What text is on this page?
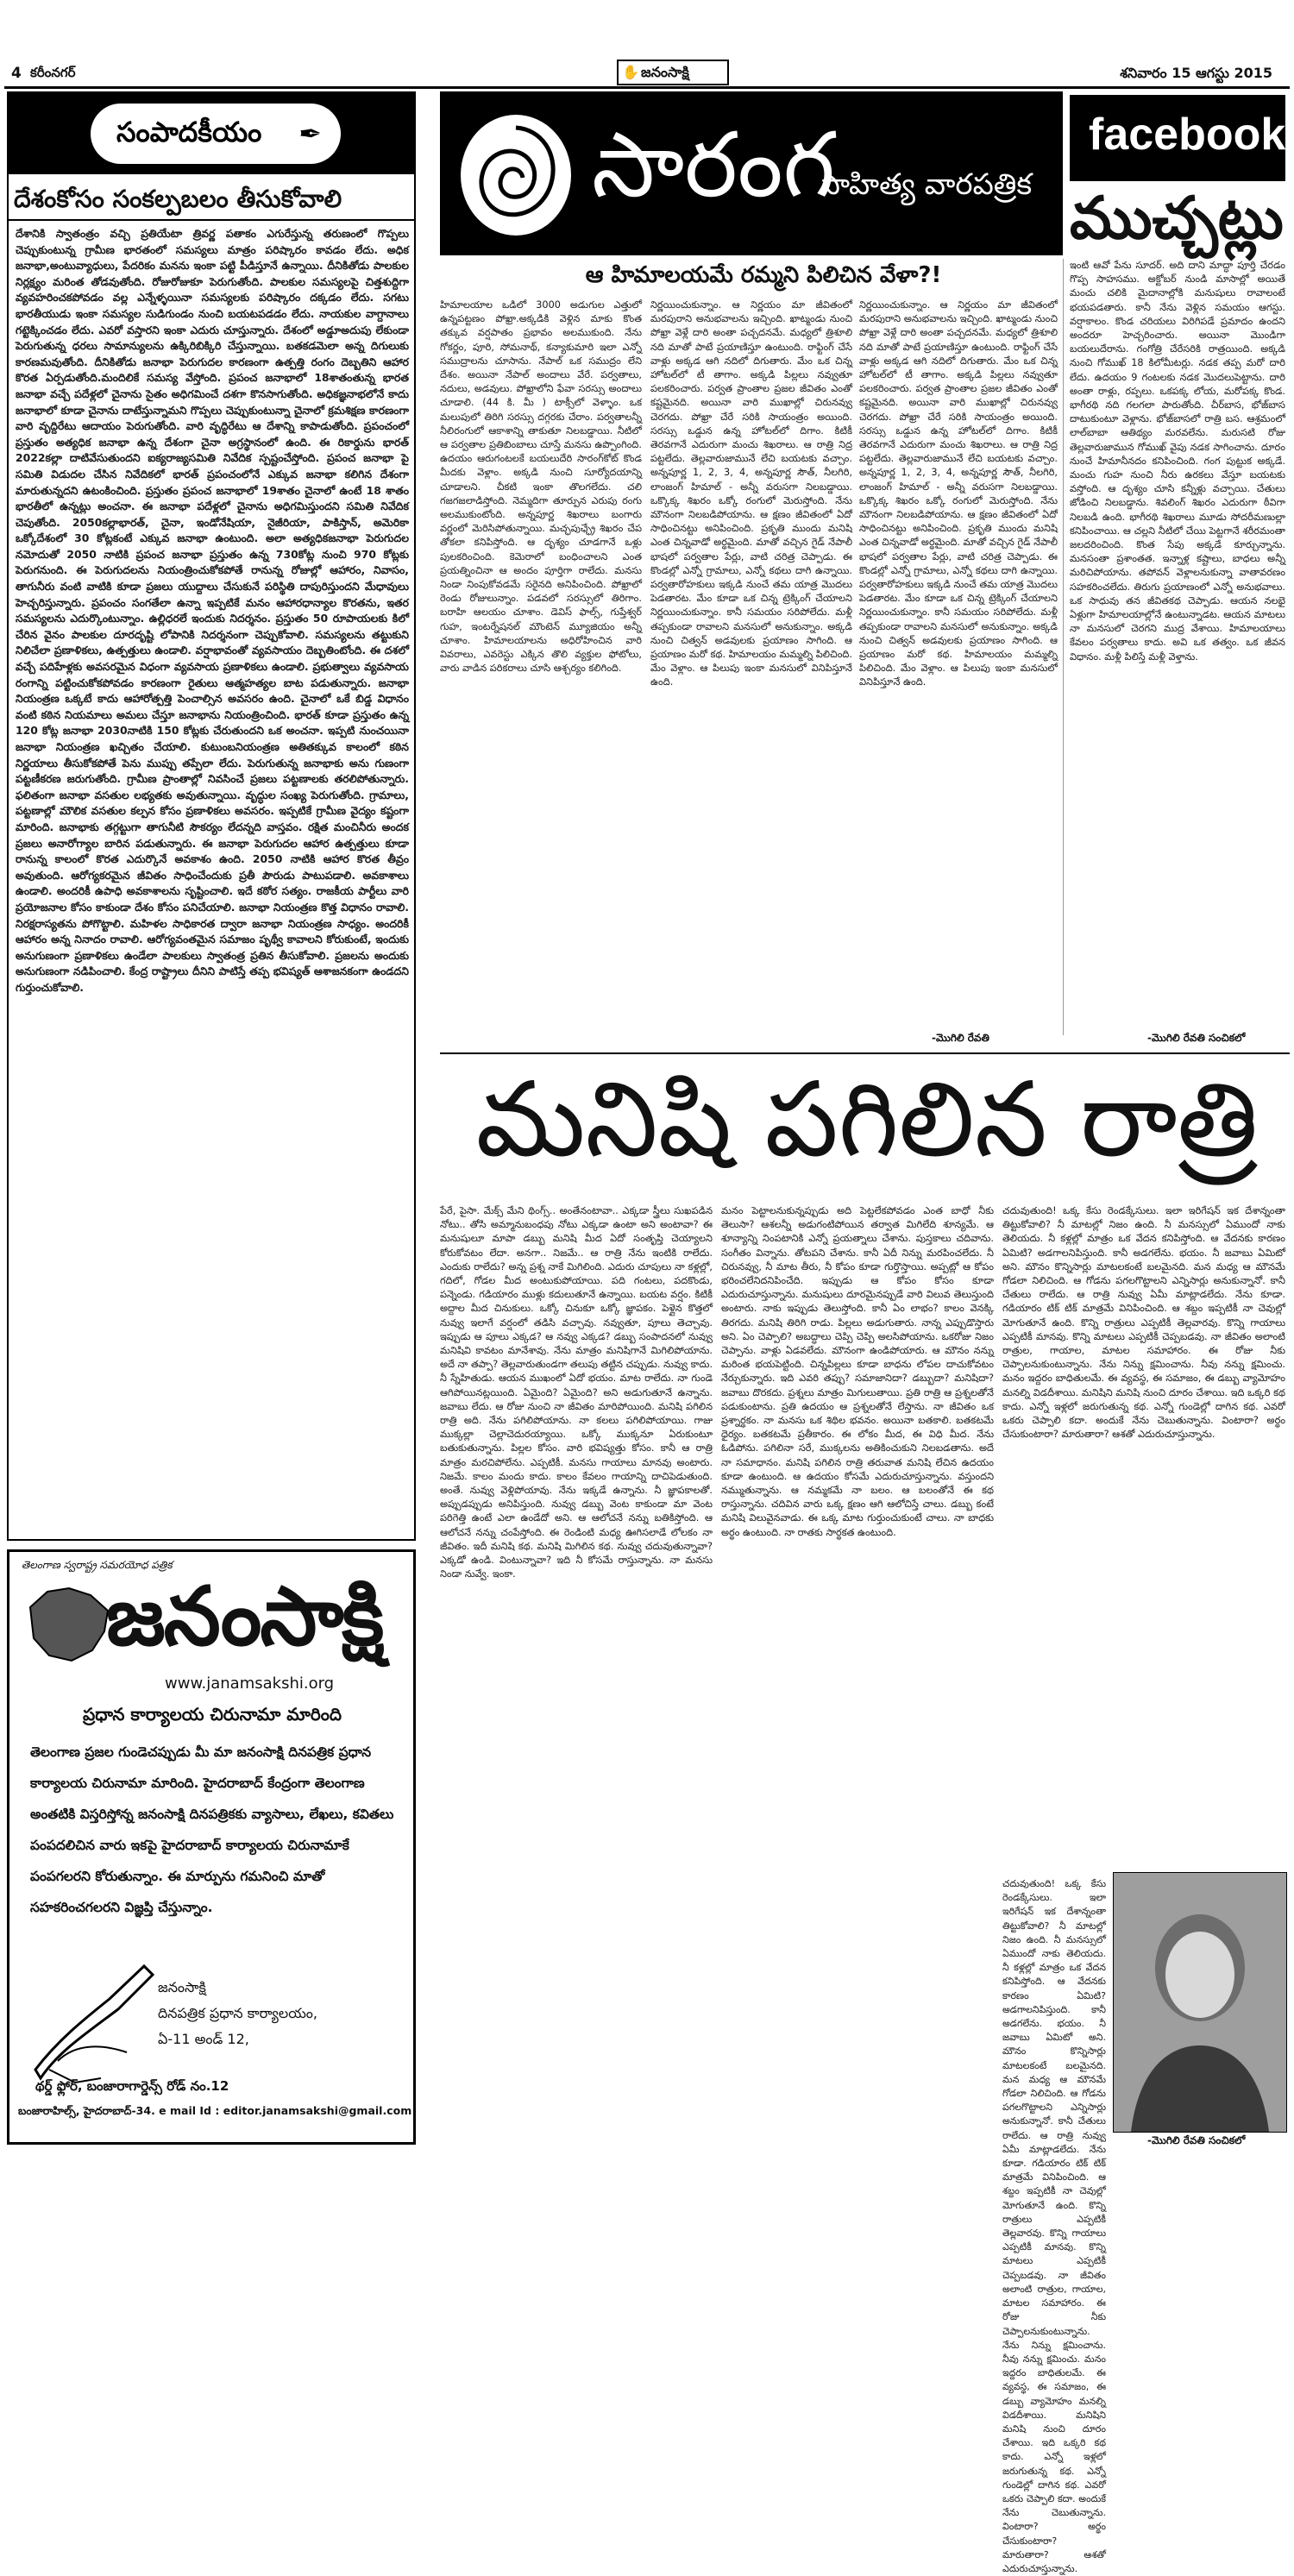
4 కరీంనగర్	✋ జనంసాక్షి	శనివారం 15 ఆగస్టు 2015
సంపాదకీయం ✒
దేశంకోసం సంకల్పబలం తీసుకోవాలి
దేశానికి స్వాతంత్రం వచ్చి ప్రతియేటా త్రివర్ణ పతాకం ఎగురేస్తున్న తరుణంలో గొప్పలు చెప్పుకుంటున్న గ్రామీణ భారతంలో సమస్యలు మాత్రం పరిష్కారం కావడం లేదు. అధిక జనాభా,అంటువ్యాధులు, పేదరికం మనను ఇంకా పట్టి పీడిస్తూనే ఉన్నాయి. దీనికితోడు పాలకుల నిర్లక్ష్యం మరింత తోడవుతోంది. రోజురోజుకూ పెరుగుతోంది. పాలకుల సమస్యలపై చిత్తశుద్దిగా వ్యవహరించకపోవడం వల్ల ఎన్నేళ్ళయినా సమస్యలకు పరిష్కారం దక్కడం లేదు. సగటు భారతీయుడు ఇంకా సమస్యల సుడిగుండం నుంచి బయటపడడం లేదు. నాయకుల వాగ్దానాలు గట్టెక్కించడం లేదు. ఎవరో వస్తారని ఇంకా ఎదురు చూస్తున్నారు. దేశంలో అడ్డూఅదుపు లేకుండా పెరుగుతున్న ధరలు సామాన్యులను ఉక్కిరిబిక్కిరి చేస్తున్నాయి. బతకడమెలా అన్న దిగులుకు కారణమవుతోంది. దీనికితోడు జనాభా పెరుగుదల కారణంగా ఉత్పత్తి రంగం దెబ్బతిని ఆహార కొరత ఏర్పడుతోంది.మందిలికే సమస్య వేస్తోంది. ప్రపంచ జనాభాలో 18శాతంతున్న భారత జనాభా వచ్చే పదేళ్లలో చైనాను సైతం అధిగమించే దశగా కొనసాగుతోంది. అధికజ్ఞనాభలోనే కాదు జనాభాలో కూడా చైనాను దాటేస్తున్నామని గొప్పలు చెప్పుకుంటున్నా చైనాలో క్రమశిక్షణ కారణంగా వారి వృద్దిరేటు ఆదాయం పెరుగుతోంది. వారి వృద్ధిరేటు ఆ దేశాన్ని కాపాడుతోంది. ప్రపంచంలో ప్రస్తుతం అత్యధిక జనాభా ఉన్న దేశంగా చైనా అగ్రస్థానంలో ఉంది. ఈ రికార్డును భారత్‌ 2022కల్లా దాటివేసుతుందని ఐక్యరాజ్యసమితి నివేదిక స్పష్టంచేస్తోంది. ప్రపంచ జనాభా పై సమితి విడుదల చేసిన నివేదికలో భారత్‌ ప్రపంచంలోనే ఎక్కువ జనాభా కలిగిన దేశంగా మారుతున్నదని ఉటంకించింది. ప్రస్తుతం ప్రపంచ జనాభాలో 19శాతం చైనాలో ఉంటే 18 శాతం భారతీలో ఉన్నట్లు అంచనా. ఈ జనాభా పదేళ్లలో చైనాను అధిగమిస్తుందని సమితి నివేదిక చెపుతోంది. 2050కల్లాభారత్‌, చైనా, ఇండోనేషియా, నైజీరియా, పాకిస్తాన్‌, అమెరికా ఒక్కోదేశంలో 30 కోట్లకంటే ఎక్కువ జనాభా ఉంటుంది. అలా అత్యధికజనాభా పెరుగుదల నమోదుతో 2050 నాటికి ప్రపంచ జనాభా ప్రస్తుతం ఉన్న 730కోట్ల నుంచి 970 కోట్లకు పెరుగనుంది. ఈ పెరుగుదలను నియంత్రించుకోకపోతే రానున్న రోజుల్లో ఆహారం, నివాసం, తాగునీరు వంటి వాటికి కూడా ప్రజలు యుద్దాలు చేసుకునే పరిస్థితి దాపురిస్తుందని మేధావులు హెచ్చరిస్తున్నారు. ప్రపంచం సంగతేలా ఉన్నా ఇప్పటికే మనం ఆహారధాన్యాల కొరతను, ఇతర సమస్యలను ఎదుర్కొంటున్నాం. ఉల్లిధరలే ఇందుకు నిదర్శనం. ప్రస్తుతం 50 రూపాయలకు కిలో చేరిన వైనం పాలకుల దూరదృష్టి లోపానికి నిదర్శనంగా చెప్పుకోవాలి. సమస్యలను తట్టుకుని నిలిచేలా ప్రణాళికలు, ఉత్పత్తులు ఉండాలి. వర్షాభావంతో వ్యవసాయం దెబ్బతింటోంది. ఈ దశలో వచ్చే పదిహేళ్లకు అవసరమైన విధంగా వ్యవసాయ ప్రణాళికలు ఉండాలి. ప్రభుత్వాలు వ్యవసాయ రంగాన్ని పట్టించుకోకపోవడం కారణంగా రైతులు ఆత్మహత్యల బాట పడుతున్నారు. జనాభా నియంత్రణ ఒక్కటే కాదు ఆహారోత్పత్తి పెంచాల్సిన అవసరం ఉంది. చైనాలో ఒకే బిడ్డ విధానం వంటి కఠిన నియమాలు అమలు చేస్తూ జనాభాను నియంత్రించింది. భారత్‌ కూడా ప్రస్తుతం ఉన్న 120 కోట్ల జనాభా 2030నాటికి 150 కోట్లకు చేరుతుందని ఒక అంచనా. ఇప్పటి నుంచయినా జనాభా నియంత్రణ ఖచ్చితం చేయాలి. కుటుంబనియంత్రణ అతితక్కువ కాలంలో కఠిన నిర్ణయాలు తీసుకోకపోతే పెను ముప్పు తప్పేలా లేదు. పెరుగుతున్న జనాభాకు అను గుణంగా పట్టణీకరణ జరుగుతోంది. గ్రామీణ ప్రాంతాల్లో నివసించే ప్రజలు పట్టణాలకు తరలిపోతున్నారు. ఫలితంగా జనాభా వసతుల లభ్యతకు అవుతున్నాయి. వృద్ధుల సంఖ్య పెరుగుతోంది. గ్రామాలు, పట్టణాల్లో మౌలిక వసతుల కల్పన కోసం ప్రణాళికలు అవసరం. ఇప్పటికే గ్రామీణ వైద్యం కష్టంగా మారింది. జనాభాకు తగ్గట్టుగా తాగునీటి సౌకర్యం లేదన్నది వాస్తవం. రక్షిత మంచినీరు అందక ప్రజలు అనారోగ్యాల బారిన పడుతున్నారు. ఈ జనాభా పెరుగుదల ఆహార ఉత్పత్తులు కూడా రానున్న కాలంలో కొరత ఎదుర్కొనే అవకాశం ఉంది. 2050 నాటికి ఆహార కొరత తీవ్రం అవుతుంది. ఆరోగ్యకరమైన జీవితం సాధించేందుకు ప్రతీ పౌరుడు పాటుపడాలి. అవకాశాలు ఉండాలి. అందరికీ ఉపాధి అవకాశాలను సృష్టించాలి. ఇదే కఠోర సత్యం. రాజకీయ పార్టీలు వారి ప్రయోజనాల కోసం కాకుండా దేశం కోసం పనిచేయాలి. జనాభా నియంత్రణ కొత్త విధానం రావాలి. నిరక్షరాస్యతను పోగొట్టాలి. మహిళల సాధికారత ద్వారా జనాభా నియంత్రణ సాధ్యం. అందరికీ ఆహారం అన్న నినాదం రావాలి. ఆరోగ్యవంతమైన సమాజం పృథ్వీ కావాలని కోరుకుంటే, ఇందుకు అనుగుణంగా ప్రణాళికలు ఉండేలా పాలకులు స్వాతంత్ర ప్రతిన తీసుకోవాలి. ప్రజలను అందుకు అనుగుణంగా నడిపించాలి. కేంద్ర రాష్ట్రాలు దీనిని పాటిస్తే తప్ప భవిష్యత్‌ ఆశాజనకంగా ఉండదని గుర్తుంచుకోవాలి.
తెలంగాణ స్వరాష్ట్ర సమరయోధ పత్రిక
జనంసాక్షి
www.janamsakshi.org
ప్రధాన కార్యాలయ చిరునామా మారింది
తెలంగాణ ప్రజల గుండెచప్పుడు మీ మా జనంసాక్షి దినపత్రిక ప్రధాన కార్యాలయ చిరునామా మారింది. హైదరాబాద్‌ కేంద్రంగా తెలంగాణ అంతటికి విస్తరిస్తోన్న జనంసాక్షి దినపత్రికకు వ్యాసాలు, లేఖలు, కవితలు పంపదలిచిన వారు ఇకపై హైదరాబాద్‌ కార్యాలయ చిరునామాకే పంపగలరని కోరుతున్నాం. ఈ మార్పును గమనించి మాతో సహకరించగలరని విజ్ఞప్తి చేస్తున్నాం.
జనంసాక్షి
దినపత్రిక ప్రధాన కార్యాలయం,
ఏ-11 అండ్‌ 12,
థర్డ్‌ ఫ్లోర్‌, బంజారాగార్డెన్స్‌ రోడ్‌ నం.12
బంజారాహిల్స్‌, హైదరాబాద్‌-34. e mail Id : editor.janamsakshi@gmail.com
సారంగ
సాహిత్య వారపత్రిక
facebook
ముచ్చట్లు
ఆ హిమాలయమే రమ్మని పిలిచిన వేళా?!
హిమాలయాల ఒడిలో 3000 అడుగుల ఎత్తులో ఉన్నపట్టణం పోఖ్రా.అక్కడికి వెళ్లిన మాకు కొంత తక్కువ వర్షపాతం ప్రభావం అలముకుంది. నేను గోకర్ణం, పూరి, సోమనాథ్‌, కన్యాకుమారి ఇలా ఎన్నో సముద్రాలను చూసాను. నేపాల్‌ ఒక సముద్రం లేని దేశం. అయినా నేపాల్‌ అందాలు వేరే. పర్వతాలు, నదులు, అడవులు. పోఖ్రాలోని ఫేవా సరస్సు అందాలు చూడాలి. (44 కి. మీ ) టాక్సీలో వెళ్ళాం. ఒక మలుపులో తిరిగి సరస్సు దగ్గరకు చేరాం. పర్వతాలన్నీ నీలిరంగులో ఆకాశాన్ని తాకుతూ నిలబడ్డాయి. నీటిలో ఆ పర్వతాల ప్రతిబింబాలు చూస్తే మనసు ఉప్పొంగింది. ఉదయం ఆరుగంటలకే బయలుదేరి సారంగ్‌కోట్‌ కొండ మీదకు వెళ్లాం. అక్కడి నుంచి సూర్యోదయాన్ని చూడాలని. చీకటి ఇంకా తొలగలేదు. చలి గజగజలాడిస్తోంది. నెమ్మదిగా తూర్పున ఎరుపు రంగు అలముకుంటోంది. అన్నపూర్ణ శిఖరాలు బంగారు వర్ణంలో మెరిసిపోతున్నాయి. మచ్ఛపుఛ్ఛ్రే శిఖరం చేప తోకలా కనిపిస్తోంది. ఆ దృశ్యం చూడగానే ఒళ్లు పులకరించింది. కెమెరాలో బంధించాలని ఎంత ప్రయత్నించినా ఆ అందం పూర్తిగా రాలేదు. మనసు నిండా నింపుకోవడమే సరైనది అనిపించింది. పోఖ్రాలో రెండు రోజులున్నాం. పడవలో సరస్సులో తిరిగాం. బరాహి ఆలయం చూశాం. డెవిస్‌ ఫాల్స్‌, గుప్తేశ్వర్‌ గుహ, ఇంటర్నేషనల్‌ మౌంటెన్‌ మ్యూజియం అన్నీ చూశాం. హిమాలయాలను అధిరోహించిన వారి వివరాలు, ఎవరెస్టు ఎక్కిన తొలి వ్యక్తుల ఫోటోలు, వారు వాడిన పరికరాలు చూసి ఆశ్చర్యం కలిగింది.
నిర్ణయించుకున్నాం. ఆ నిర్ణయం మా జీవితంలో మరపురాని అనుభవాలను ఇచ్చింది. ఖాట్మండు నుంచి పోఖ్రా వెళ్లే దారి అంతా పచ్చదనమే. మధ్యలో త్రిశూలి నది మాతో పాటే ప్రయాణిస్తూ ఉంటుంది. రాఫ్టింగ్‌ చేసే వాళ్లు అక్కడ ఆగి నదిలో దిగుతారు. మేం ఒక చిన్న హోటల్‌లో టీ తాగాం. అక్కడి పిల్లలు నవ్వుతూ పలకరించారు. పర్వత ప్రాంతాల ప్రజల జీవితం ఎంతో కష్టమైనది. అయినా వారి ముఖాల్లో చిరునవ్వు చెరగదు. పోఖ్రా చేరే సరికి సాయంత్రం అయింది. సరస్సు ఒడ్డున ఉన్న హోటల్‌లో దిగాం. కిటికీ తెరవగానే ఎదురుగా మంచు శిఖరాలు. ఆ రాత్రి నిద్ర పట్టలేదు. తెల్లవారుజామునే లేచి బయటకు వచ్చాం. అన్నపూర్ణ 1, 2, 3, 4, అన్నపూర్ణ సౌత్‌, నీలగిరి, లాంజంగ్‌ హిమాల్‌ - అన్నీ వరుసగా నిలబడ్డాయి. ఒక్కొక్క శిఖరం ఒక్కో రంగులో మెరుస్తోంది. నేను మౌనంగా నిలబడిపోయాను. ఆ క్షణం జీవితంలో ఏదో సాధించినట్టు అనిపించింది. ప్రకృతి ముందు మనిషి ఎంత చిన్నవాడో అర్థమైంది. మాతో వచ్చిన గైడ్‌ నేపాలీ భాషలో పర్వతాల పేర్లు, వాటి చరిత్ర చెప్పాడు. ఈ కొండల్లో ఎన్నో గ్రామాలు, ఎన్నో కథలు దాగి ఉన్నాయి. పర్వతారోహకులు ఇక్కడి నుంచే తమ యాత్ర మొదలు పెడతారట. మేం కూడా ఒక చిన్న ట్రెక్కింగ్‌ చేయాలని నిర్ణయించుకున్నాం. కానీ సమయం సరిపోలేదు. మళ్లీ తప్పకుండా రావాలని మనసులో అనుకున్నాం. అక్కడి నుంచి చిత్వన్‌ అడవులకు ప్రయాణం సాగింది. ఆ ప్రయాణం మరో కథ. హిమాలయం మమ్మల్ని పిలిచింది. మేం వెళ్లాం. ఆ పిలుపు ఇంకా మనసులో వినిపిస్తూనే ఉంది.
ఇంటి ఆవో పేను సూదర్‌. అది దాని మాద్ధా పూర్తి చేరడం గొప్ప సాహసము. అక్టోబర్‌ నుండి మాసాల్లో అయితే మంచు చలికి మైదానాల్లోకి మనుషులు రావాలంటే భయపడతారు. కానీ నేను వెళ్లిన సమయం ఆగస్టు. వర్షాకాలం. కొండ చరియలు విరిగిపడే ప్రమాదం ఉందని అందరూ హెచ్చరించారు. అయినా మొండిగా బయలుదేరాను. గంగోత్రి చేరేసరికి రాత్రయింది. అక్కడి నుంచి గోముఖ్‌ 18 కిలోమీటర్లు. నడక తప్ప మరో దారి లేదు. ఉదయం 9 గంటలకు నడక మొదలుపెట్టాను. దారి అంతా రాళ్లు, రప్పలు. ఒకపక్క లోయ, మరోపక్క కొండ. భాగీరథి నది గలగలా పారుతోంది. చీర్‌బాస, భోజ్‌బాస దాటుకుంటూ వెళ్లాను. భోజ్‌బాసలో రాత్రి బస. ఆశ్రమంలో లాల్‌బాబా ఆతిథ్యం మరవలేను. మరుసటి రోజు తెల్లవారుజామున గోముఖ్‌ వైపు నడక సాగించాను. దూరం నుంచే హిమానీనదం కనిపించింది. గంగ పుట్టుక అక్కడే. మంచు గుహ నుంచి నీరు ఉరకలు వేస్తూ బయటకు వస్తోంది. ఆ దృశ్యం చూసి కన్నీళ్లు వచ్చాయి. చేతులు జోడించి నిలబడ్డాను. శివలింగ్‌ శిఖరం ఎదురుగా ఠీవిగా నిలబడి ఉంది. భాగీరథి శిఖరాలు మూడు సోదరీమణుల్లా కనిపించాయి. ఆ చల్లని నీటిలో చేయి పెట్టగానే శరీరమంతా జలదరించింది. కొంత సేపు అక్కడే కూర్చున్నాను. మనసంతా ప్రశాంతత. ఇన్నాళ్ల కష్టాలు, బాధలు అన్నీ మరిచిపోయాను. తపోవన్‌ వెళ్లాలనుకున్నా వాతావరణం సహకరించలేదు. తిరుగు ప్రయాణంలో ఎన్నో అనుభవాలు. ఒక సాధువు తన జీవితకథ చెప్పాడు. ఆయన నలభై ఏళ్లుగా హిమాలయాల్లోనే ఉంటున్నాడట. ఆయన మాటలు నా మనసులో చెరగని ముద్ర వేశాయి. హిమాలయాలు కేవలం పర్వతాలు కాదు. అవి ఒక తత్వం. ఒక జీవన విధానం. మళ్లీ పిలిస్తే మళ్లీ వెళ్తాను.
నిర్ణయించుకున్నాం. ఆ నిర్ణయం మా జీవితంలో మరపురాని అనుభవాలను ఇచ్చింది. ఖాట్మండు నుంచి పోఖ్రా వెళ్లే దారి అంతా పచ్చదనమే. మధ్యలో త్రిశూలి నది మాతో పాటే ప్రయాణిస్తూ ఉంటుంది. రాఫ్టింగ్‌ చేసే వాళ్లు అక్కడ ఆగి నదిలో దిగుతారు. మేం ఒక చిన్న హోటల్‌లో టీ తాగాం. అక్కడి పిల్లలు నవ్వుతూ పలకరించారు. పర్వత ప్రాంతాల ప్రజల జీవితం ఎంతో కష్టమైనది. అయినా వారి ముఖాల్లో చిరునవ్వు చెరగదు. పోఖ్రా చేరే సరికి సాయంత్రం అయింది. సరస్సు ఒడ్డున ఉన్న హోటల్‌లో దిగాం. కిటికీ తెరవగానే ఎదురుగా మంచు శిఖరాలు. ఆ రాత్రి నిద్ర పట్టలేదు. తెల్లవారుజామునే లేచి బయటకు వచ్చాం. అన్నపూర్ణ 1, 2, 3, 4, అన్నపూర్ణ సౌత్‌, నీలగిరి, లాంజంగ్‌ హిమాల్‌ - అన్నీ వరుసగా నిలబడ్డాయి. ఒక్కొక్క శిఖరం ఒక్కో రంగులో మెరుస్తోంది. నేను మౌనంగా నిలబడిపోయాను. ఆ క్షణం జీవితంలో ఏదో సాధించినట్టు అనిపించింది. ప్రకృతి ముందు మనిషి ఎంత చిన్నవాడో అర్థమైంది. మాతో వచ్చిన గైడ్‌ నేపాలీ భాషలో పర్వతాల పేర్లు, వాటి చరిత్ర చెప్పాడు. ఈ కొండల్లో ఎన్నో గ్రామాలు, ఎన్నో కథలు దాగి ఉన్నాయి. పర్వతారోహకులు ఇక్కడి నుంచే తమ యాత్ర మొదలు పెడతారట. మేం కూడా ఒక చిన్న ట్రెక్కింగ్‌ చేయాలని నిర్ణయించుకున్నాం. కానీ సమయం సరిపోలేదు. మళ్లీ తప్పకుండా రావాలని మనసులో అనుకున్నాం. అక్కడి నుంచి చిత్వన్‌ అడవులకు ప్రయాణం సాగింది. ఆ ప్రయాణం మరో కథ. హిమాలయం మమ్మల్ని పిలిచింది. మేం వెళ్లాం. ఆ పిలుపు ఇంకా మనసులో వినిపిస్తూనే ఉంది.
-మొగిలి రేవతి	-మొగిలి రేవతి సంచికలో
మనిషి పగిలిన రాత్రి
పేరే, పైసా. మేక్స్‌ మేని థింగ్స్‌.. అంతేనంటావా.. ఎక్కడా స్త్రీలు సుఖపడిన నోటు.. తోసి అమ్మానుబంధపు నోటు ఎక్కడా ఉంటా అని అంటావా? ఈ మనుషులూ మాపా డబ్బు మనిషి మీద ఏదో సంతృప్తి చెయ్యాలని కోరుకోవటం లేదా. అనగా.. నిజమే.. ఆ రాత్రి నేను ఇంటికి రాలేదు. ఎందుకు రాలేదు? అన్న ప్రశ్న నాకే మిగిలింది. ఎదురు చూపులు నా కళ్లల్లో, గదిలో, గోడల మీద అంటుకుపోయాయి. పది గంటలు, పదకొండు, పన్నెండు. గడియారం ముళ్లు కదులుతూనే ఉన్నాయి. బయట వర్షం. కిటికీ అద్దాల మీద చినుకులు. ఒక్కో చినుకూ ఒక్కో జ్ఞాపకం. పెళ్లైన కొత్తలో నువ్వు ఇలాగే వర్షంలో తడిసి వచ్చావు. నవ్వుతూ, పూలు తెచ్చావు. ఇప్పుడు ఆ పూలు ఎక్కడ? ఆ నవ్వు ఎక్కడ? డబ్బు సంపాదనలో నువ్వు మనిషివి కావటం మానేశావు. నేను మాత్రం మనిషిగానే మిగిలిపోయాను. అదే నా తప్పా? తెల్లవారుతుండగా తలుపు తట్టిన చప్పుడు. నువ్వు కాదు. నీ స్నేహితుడు. ఆయన ముఖంలో ఏదో భయం. మాట రాలేదు. నా గుండె ఆగిపోయినట్లయింది. ఏమైంది? ఏమైంది? అని అడుగుతూనే ఉన్నాను. జవాబు లేదు. ఆ రోజు నుంచి నా జీవితం మారిపోయింది. మనిషి పగిలిన రాత్రి అది. నేను పగిలిపోయాను. నా కలలు పగిలిపోయాయి. గాజు ముక్కల్లా చెల్లాచెదురయ్యాయి. ఒక్కో ముక్కనూ ఏరుకుంటూ బతుకుతున్నాను. పిల్లల కోసం. వారి భవిష్యత్తు కోసం. కానీ ఆ రాత్రి మాత్రం మరచిపోలేను. ఎప్పటికీ. మనసు గాయాలు మానవు అంటారు. నిజమే. కాలం మందు కాదు. కాలం కేవలం గాయాన్ని దాచిపెడుతుంది. అంతే. నువ్వు వెళ్లిపోయావు. నేను ఇక్కడే ఉన్నాను. నీ జ్ఞాపకాలతో. అప్పుడప్పుడు అనిపిస్తుంది. నువ్వు డబ్బు వెంట కాకుండా మా వెంట పరిగెత్తి ఉంటే ఎలా ఉండేదో అని. ఆ ఆలోచనే నన్ను బతికిస్తోంది. ఆ ఆలోచనే నన్ను చంపేస్తోంది. ఈ రెండింటి మధ్య ఊగిసలాడే లోలకం నా జీవితం. ఇదీ మనిషి కథ. మనిషి మిగిలిన కథ. నువ్వు చదువుతున్నావా? ఎక్కడో ఉండి. వింటున్నావా? ఇది నీ కోసమే రాస్తున్నాను. నా మనసు నిండా నువ్వే. ఇంకా.
మనం పెట్టాలనుకున్నప్పుడు అది పెట్టలేకపోవడం ఎంత బాధో నీకు తెలుసా? ఆశలన్నీ అడుగంటిపోయిన తర్వాత మిగిలేది శూన్యమే. ఆ శూన్యాన్ని నింపటానికి ఎన్నో ప్రయత్నాలు చేశాను. పుస్తకాలు చదివాను. సంగీతం విన్నాను. తోటపని చేశాను. కానీ ఏదీ నిన్ను మరపించలేదు. నీ చిరునవ్వు, నీ మాట తీరు, నీ కోపం కూడా గుర్తొస్తాయి. అప్పట్లో ఆ కోపం భరించలేనిదనిపించేది. ఇప్పుడు ఆ కోపం కోసం కూడా ఎదురుచూస్తున్నాను. మనుషులు దూరమైనప్పుడే వారి విలువ తెలుస్తుంది అంటారు. నాకు ఇప్పుడు తెలుస్తోంది. కానీ ఏం లాభం? కాలం వెనక్కి తిరగదు. మనిషి తిరిగి రాడు. పిల్లలు అడుగుతారు. నాన్న ఎప్పుడొస్తారు అని. ఏం చెప్పాలి? అబద్ధాలు చెప్పి చెప్పి అలసిపోయాను. ఒకరోజు నిజం చెప్పాను. వాళ్లు ఏడవలేదు. మౌనంగా ఉండిపోయారు. ఆ మౌనం నన్ను మరింత భయపెట్టింది. చిన్నపిల్లలు కూడా బాధను లోపల దాచుకోవటం నేర్చుకున్నారు. ఇది ఎవరి తప్పు? సమాజానిదా? డబ్బుదా? మనిషిదా? జవాబు దొరకదు. ప్రశ్నలు మాత్రం మిగులుతాయి. ప్రతి రాత్రి ఆ ప్రశ్నలతోనే పడుకుంటాను. ప్రతి ఉదయం ఆ ప్రశ్నలతోనే లేస్తాను. నా జీవితం ఒక ప్రశ్నార్థకం. నా మనసు ఒక శిథిల భవనం. అయినా బతకాలి. బతకటమే ధైర్యం. బతకటమే ప్రతీకారం. ఈ లోకం మీద, ఈ విధి మీద. నేను ఓడిపోను. పగిలినా సరే, ముక్కలను అతికించుకుని నిలబడతాను. అదే నా సమాధానం. మనిషి పగిలిన రాత్రి తరువాత మనిషి లేచిన ఉదయం కూడా ఉంటుంది. ఆ ఉదయం కోసమే ఎదురుచూస్తున్నాను. వస్తుందని నమ్ముతున్నాను. ఆ నమ్మకమే నా బలం. ఆ బలంతోనే ఈ కథ రాస్తున్నాను. చదివిన వారు ఒక్క క్షణం ఆగి ఆలోచిస్తే చాలు. డబ్బు కంటే మనిషి విలువైనవాడు. ఈ ఒక్క మాట గుర్తుంచుకుంటే చాలు. నా బాధకు అర్థం ఉంటుంది. నా రాతకు సార్థకత ఉంటుంది.
చదువుతుంది! ఒక్క కేసు రెండక్కేసులు. ఇలా ఇరిగేషన్‌ ఇక దేశాన్నంతా తిట్టుకోవాలి? నీ మాటల్లో నిజం ఉంది. నీ మనస్సులో ఏముందో నాకు తెలియదు. నీ కళ్లల్లో మాత్రం ఒక వేదన కనిపిస్తోంది. ఆ వేదనకు కారణం ఏమిటి? అడగాలనిపిస్తుంది. కానీ అడగలేను. భయం. నీ జవాబు ఏమిటో అని. మౌనం కొన్నిసార్లు మాటలకంటే బలమైనది. మన మధ్య ఆ మౌనమే గోడలా నిలిచింది. ఆ గోడను పగలగొట్టాలని ఎన్నిసార్లు అనుకున్నానో. కానీ చేతులు రాలేదు. ఆ రాత్రి నువ్వు ఏమీ మాట్లాడలేదు. నేను కూడా. గడియారం టిక్‌ టిక్‌ మాత్రమే వినిపించింది. ఆ శబ్దం ఇప్పటికీ నా చెవుల్లో మోగుతూనే ఉంది. కొన్ని రాత్రులు ఎప్పటికీ తెల్లవారవు. కొన్ని గాయాలు ఎప్పటికీ మానవు. కొన్ని మాటలు ఎప్పటికీ చెప్పబడవు. నా జీవితం అలాంటి రాత్రుల, గాయాల, మాటల సమాహారం. ఈ రోజు నీకు చెప్పాలనుకుంటున్నాను. నేను నిన్ను క్షమించాను. నీవు నన్ను క్షమించు. మనం ఇద్దరం బాధితులమే. ఈ వ్యవస్థ, ఈ సమాజం, ఈ డబ్బు వ్యామోహం మనల్ని విడదీశాయి. మనిషిని మనిషి నుంచి దూరం చేశాయి. ఇది ఒక్కరి కథ కాదు. ఎన్నో ఇళ్లలో జరుగుతున్న కథ. ఎన్నో గుండెల్లో దాగిన కథ. ఎవరో ఒకరు చెప్పాలి కదా. అందుకే నేను చెబుతున్నాను. వింటారా? అర్థం చేసుకుంటారా? మారుతారా? ఆశతో ఎదురుచూస్తున్నాను.
చదువుతుంది! ఒక్క కేసు రెండక్కేసులు. ఇలా ఇరిగేషన్‌ ఇక దేశాన్నంతా తిట్టుకోవాలి? నీ మాటల్లో నిజం ఉంది. నీ మనస్సులో ఏముందో నాకు తెలియదు. నీ కళ్లల్లో మాత్రం ఒక వేదన కనిపిస్తోంది. ఆ వేదనకు కారణం ఏమిటి? అడగాలనిపిస్తుంది. కానీ అడగలేను. భయం. నీ జవాబు ఏమిటో అని. మౌనం కొన్నిసార్లు మాటలకంటే బలమైనది. మన మధ్య ఆ మౌనమే గోడలా నిలిచింది. ఆ గోడను పగలగొట్టాలని ఎన్నిసార్లు అనుకున్నానో. కానీ చేతులు రాలేదు. ఆ రాత్రి నువ్వు ఏమీ మాట్లాడలేదు. నేను కూడా. గడియారం టిక్‌ టిక్‌ మాత్రమే వినిపించింది. ఆ శబ్దం ఇప్పటికీ నా చెవుల్లో మోగుతూనే ఉంది. కొన్ని రాత్రులు ఎప్పటికీ తెల్లవారవు. కొన్ని గాయాలు ఎప్పటికీ మానవు. కొన్ని మాటలు ఎప్పటికీ చెప్పబడవు. నా జీవితం అలాంటి రాత్రుల, గాయాల, మాటల సమాహారం. ఈ రోజు నీకు చెప్పాలనుకుంటున్నాను. నేను నిన్ను క్షమించాను. నీవు నన్ను క్షమించు. మనం ఇద్దరం బాధితులమే. ఈ వ్యవస్థ, ఈ సమాజం, ఈ డబ్బు వ్యామోహం మనల్ని విడదీశాయి. మనిషిని మనిషి నుంచి దూరం చేశాయి. ఇది ఒక్కరి కథ కాదు. ఎన్నో ఇళ్లలో జరుగుతున్న కథ. ఎన్నో గుండెల్లో దాగిన కథ. ఎవరో ఒకరు చెప్పాలి కదా. అందుకే నేను చెబుతున్నాను. వింటారా? అర్థం చేసుకుంటారా? మారుతారా? ఆశతో ఎదురుచూస్తున్నాను.
-మొగిలి రేవతి సంచికలో
